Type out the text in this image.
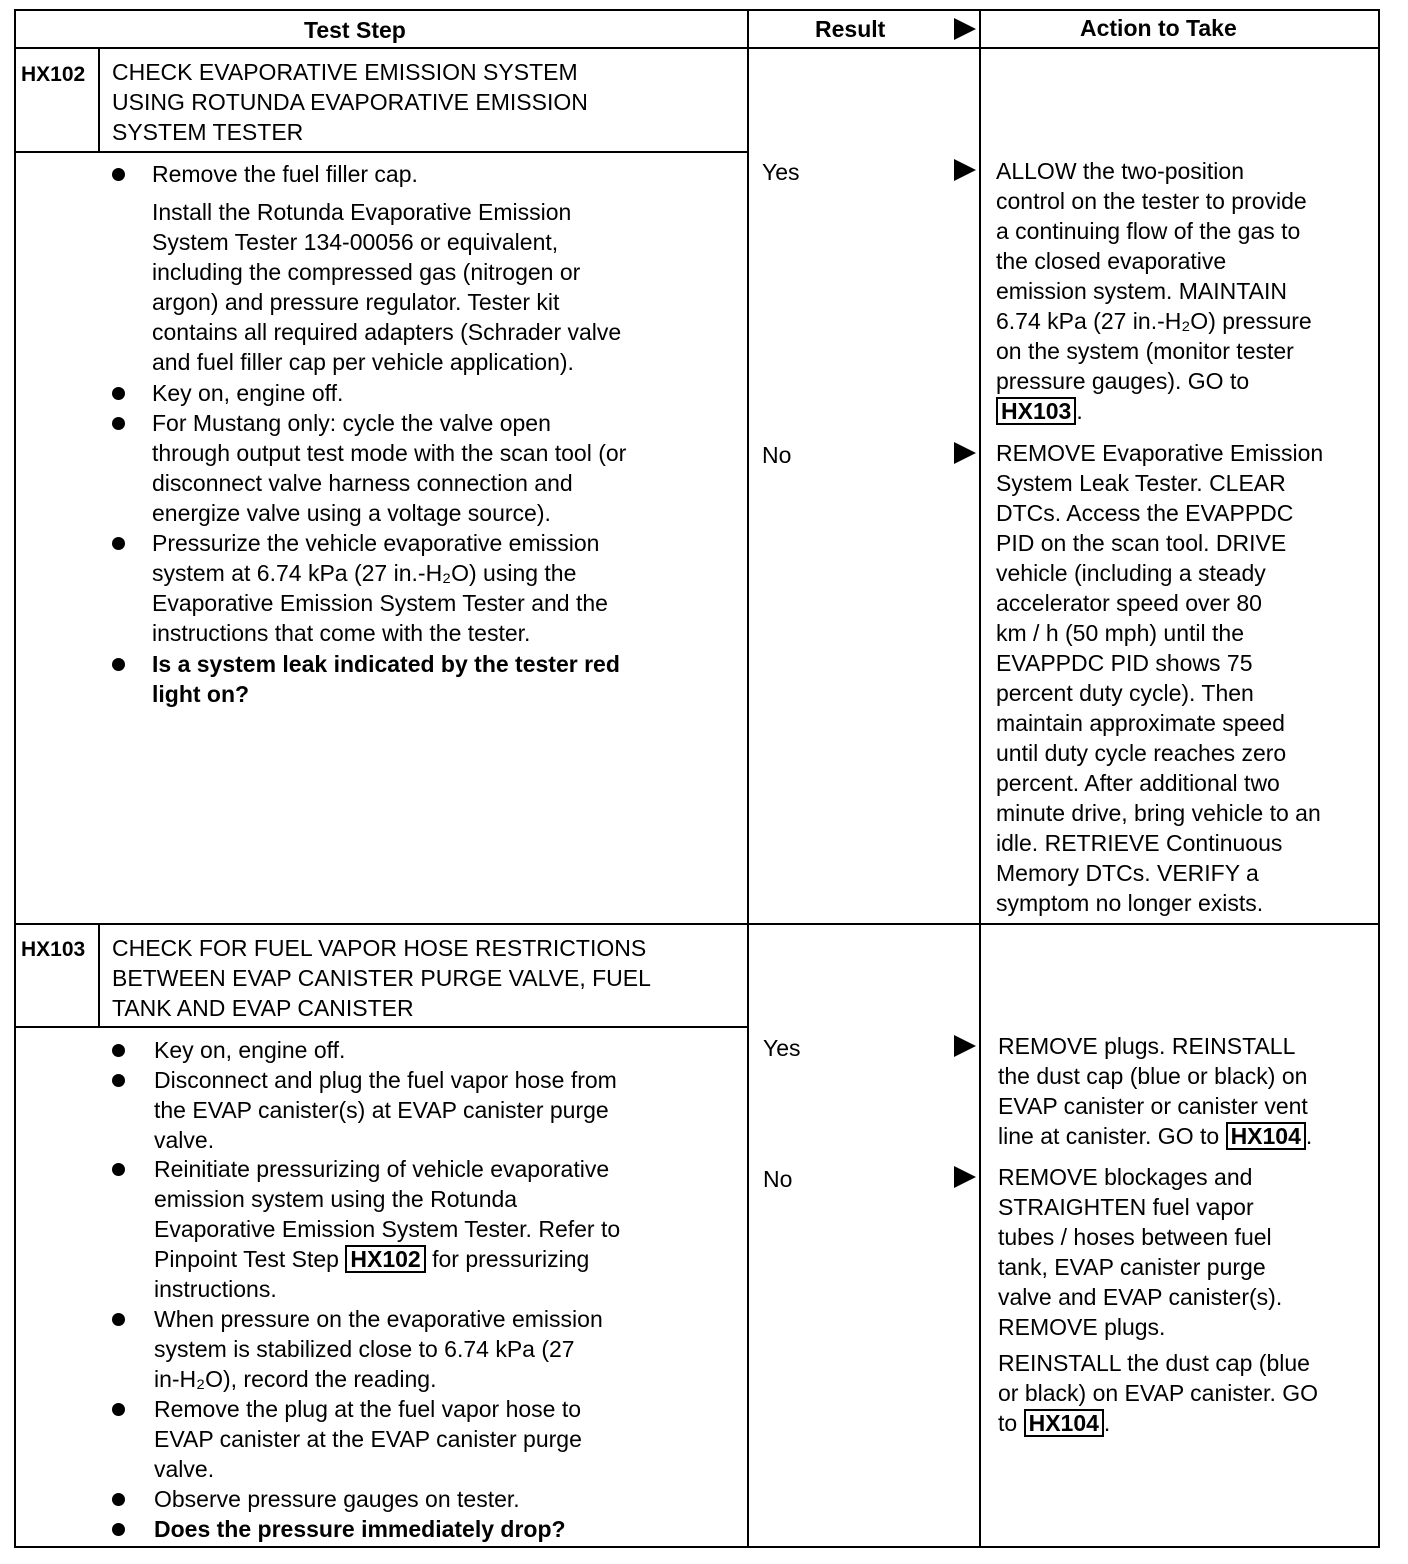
Test Step	Result	Action to Take
HX102 CHECK EVAPORATIVE EMISSION SYSTEM

USING ROTUNDA EVAPORATIVE EMISSION

SYSTEM TESTER

Remove the fuel filler cap.

Install the Rotunda Evaporative Emission

System Tester 134-00056 or equivalent,

including the compressed gas (nitrogen or

argon) and pressure regulator. Tester kit

contains all required adapters (Schrader valve

and fuel filler cap per vehicle application).

Key on, engine off.

For Mustang only: cycle the valve open

through output test mode with the scan tool (or

disconnect valve harness connection and

energize valve using a voltage source).

Pressurize the vehicle evaporative emission

system at 6.74 kPa (27 in.-H₂O) using the

Evaporative Emission System Tester and the

instructions that come with the tester.

Is a system leak indicated by the tester red

light on?

Yes
No

ALLOW the two-position

control on the tester to provide

a continuing flow of the gas to

the closed evaporative

emission system. MAINTAIN

6.74 kPa (27 in.-H₂O) pressure

on the system (monitor tester

pressure gauges). GO to

HX103 .

REMOVE Evaporative Emission

System Leak Tester. CLEAR

DTCs. Access the EVAPPDC

PID on the scan tool. DRIVE

vehicle (including a steady

accelerator speed over 80

km / h (50 mph) until the

EVAPPDC PID shows 75

percent duty cycle). Then

maintain approximate speed

until duty cycle reaches zero

percent. After additional two

minute drive, bring vehicle to an

idle. RETRIEVE Continuous

Memory DTCs. VERIFY a

symptom no longer exists.

HX103 CHECK FOR FUEL VAPOR HOSE RESTRICTIONS

BETWEEN EVAP CANISTER PURGE VALVE, FUEL

TANK AND EVAP CANISTER

Key on, engine off.

Disconnect and plug the fuel vapor hose from

the EVAP canister(s) at EVAP canister purge

valve.

Reinitiate pressurizing of vehicle evaporative

emission system using the Rotunda

Evaporative Emission System Tester. Refer to

Pinpoint Test Step HX102 for pressurizing

instructions.

When pressure on the evaporative emission

system is stabilized close to 6.74 kPa (27

in-H₂O), record the reading.

Remove the plug at the fuel vapor hose to

EVAP canister at the EVAP canister purge

valve.

Observe pressure gauges on tester.

Does the pressure immediately drop?

Yes
No

REMOVE plugs. REINSTALL

the dust cap (blue or black) on

EVAP canister or canister vent

line at canister. GO to HX104 .

REMOVE blockages and

STRAIGHTEN fuel vapor

tubes / hoses between fuel

tank, EVAP canister purge

valve and EVAP canister(s).

REMOVE plugs.

REINSTALL the dust cap (blue

or black) on EVAP canister. GO

to HX104 .
